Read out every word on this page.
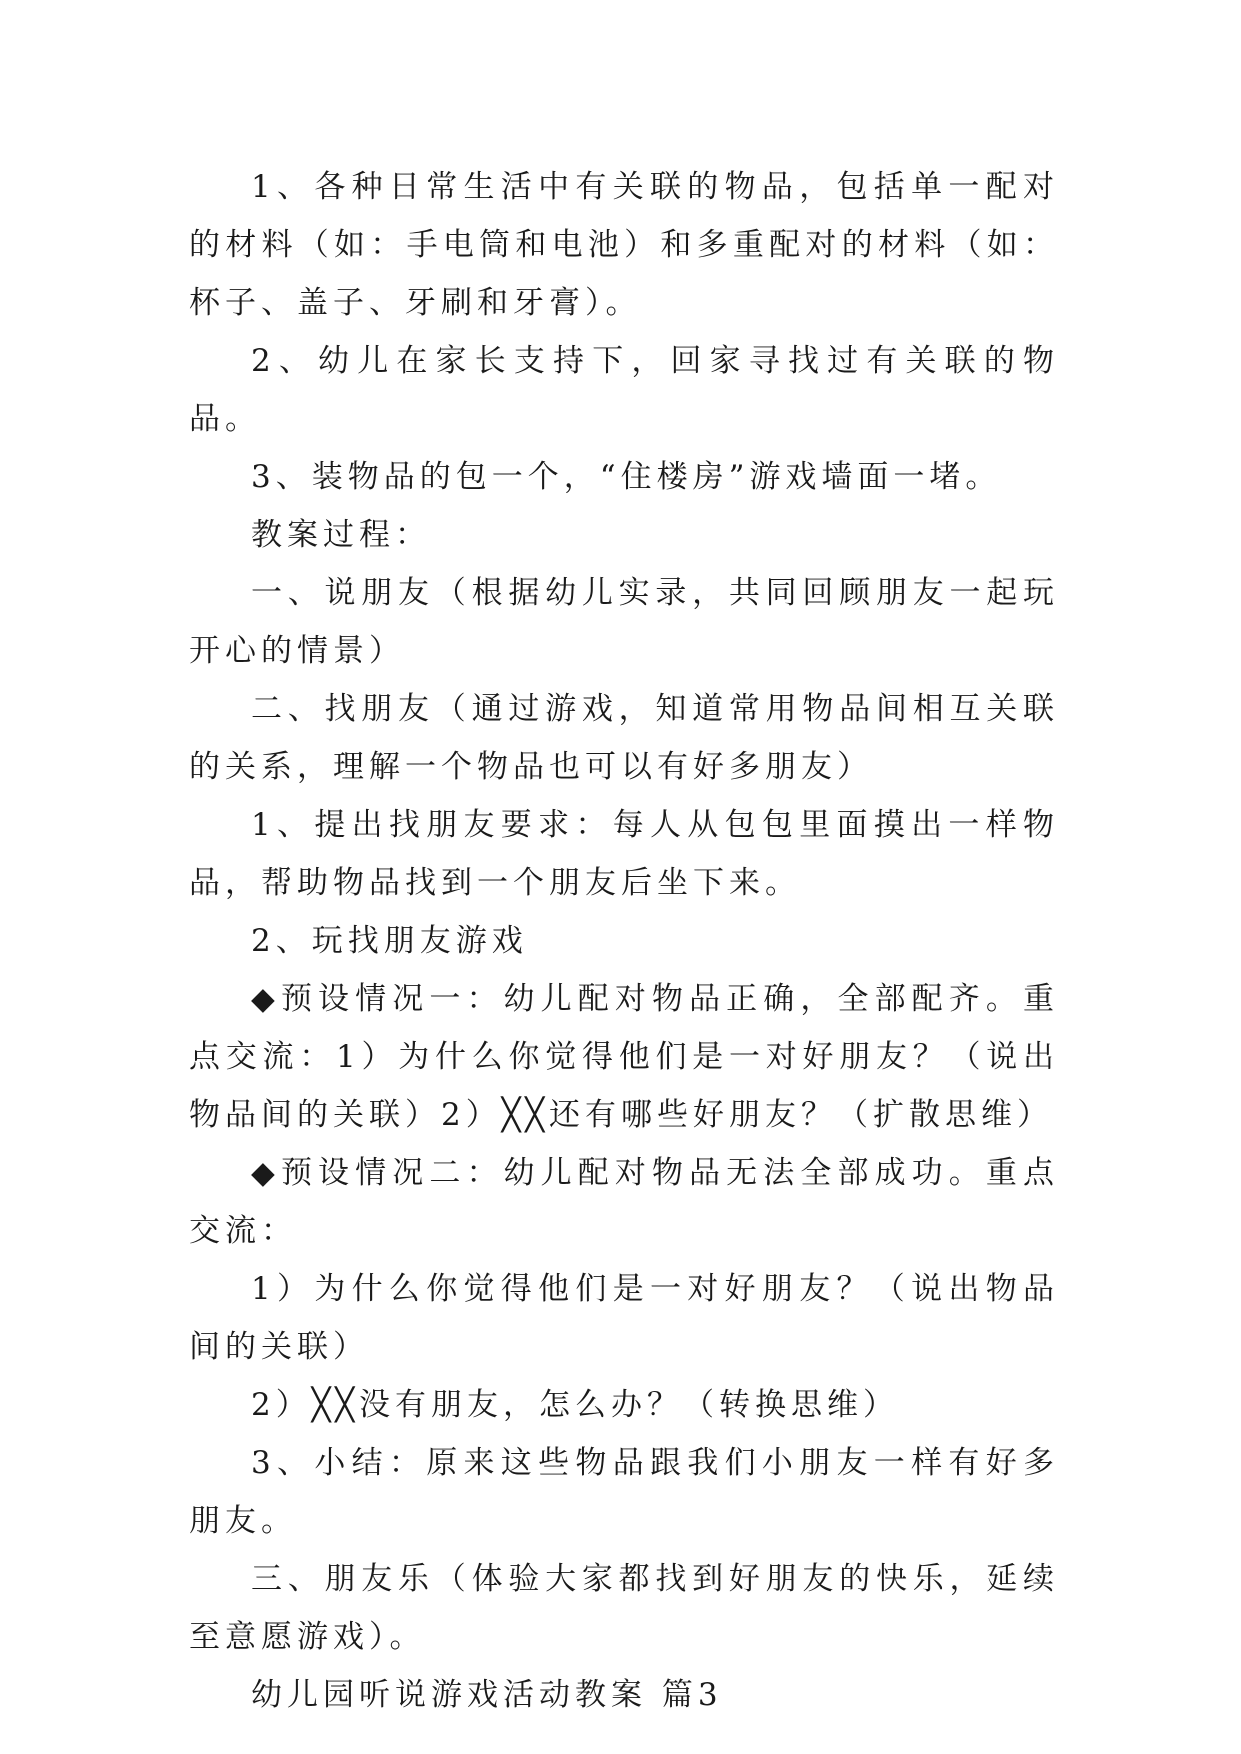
1、各种日常生活中有关联的物品，包括单一配对的材料（如：手电筒和电池）和多重配对的材料（如：杯子、盖子、牙刷和牙膏）。

2、幼儿在家长支持下，回家寻找过有关联的物品。

3、装物品的包一个，“住楼房”游戏墙面一堵。

教案过程：

一、说朋友（根据幼儿实录，共同回顾朋友一起玩开心的情景）

二、找朋友（通过游戏，知道常用物品间相互关联的关系，理解一个物品也可以有好多朋友）

1、提出找朋友要求：每人从包包里面摸出一样物品，帮助物品找到一个朋友后坐下来。

2、玩找朋友游戏

◆预设情况一：幼儿配对物品正确，全部配齐。重点交流：1）为什么你觉得他们是一对好朋友？（说出物品间的关联）2）╳╳还有哪些好朋友？（扩散思维）

◆预设情况二：幼儿配对物品无法全部成功。重点交流：

1）为什么你觉得他们是一对好朋友？（说出物品间的关联）

2）╳╳没有朋友，怎么办？（转换思维）

3、小结：原来这些物品跟我们小朋友一样有好多朋友。

三、朋友乐（体验大家都找到好朋友的快乐，延续至意愿游戏）。

幼儿园听说游戏活动教案 篇3
